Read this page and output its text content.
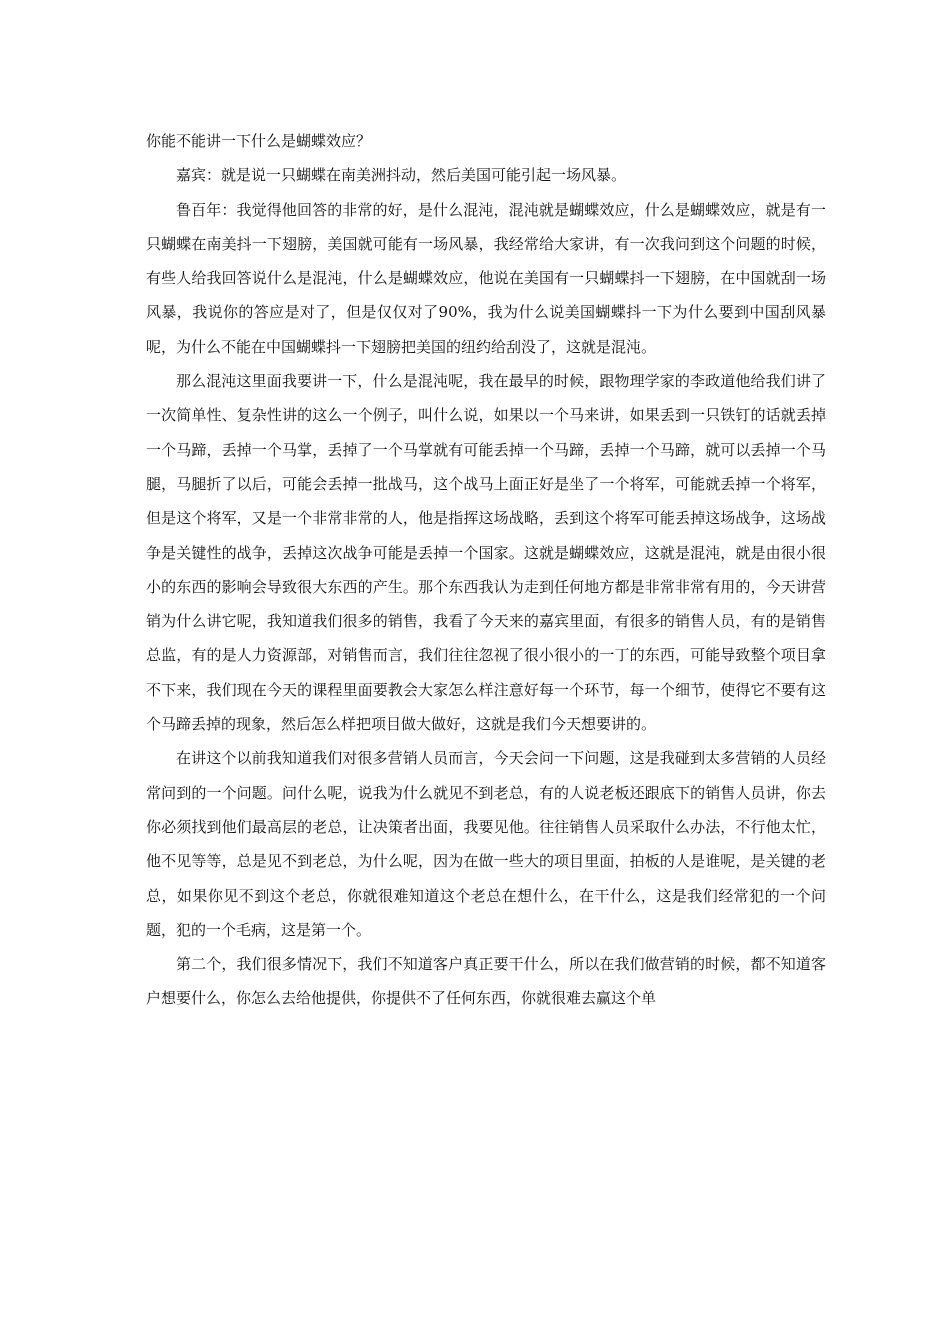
你能不能讲一下什么是蝴蝶效应？

嘉宾：就是说一只蝴蝶在南美洲抖动，然后美国可能引起一场风暴。

鲁百年：我觉得他回答的非常的好，是什么混沌，混沌就是蝴蝶效应，什么是蝴蝶效应，就是有一只蝴蝶在南美抖一下翅膀，美国就可能有一场风暴，我经常给大家讲，有一次我问到这个问题的时候，有些人给我回答说什么是混沌，什么是蝴蝶效应，他说在美国有一只蝴蝶抖一下翅膀，在中国就刮一场风暴，我说你的答应是对了，但是仅仅对了90%，我为什么说美国蝴蝶抖一下为什么要到中国刮风暴呢，为什么不能在中国蝴蝶抖一下翅膀把美国的纽约给刮没了，这就是混沌。

那么混沌这里面我要讲一下，什么是混沌呢，我在最早的时候，跟物理学家的李政道他给我们讲了一次简单性、复杂性讲的这么一个例子，叫什么说，如果以一个马来讲，如果丢到一只铁钉的话就丢掉一个马蹄，丢掉一个马掌，丢掉了一个马掌就有可能丢掉一个马蹄，丢掉一个马蹄，就可以丢掉一个马腿，马腿折了以后，可能会丢掉一批战马，这个战马上面正好是坐了一个将军，可能就丢掉一个将军，但是这个将军，又是一个非常非常的人，他是指挥这场战略，丢到这个将军可能丢掉这场战争，这场战争是关键性的战争，丢掉这次战争可能是丢掉一个国家。这就是蝴蝶效应，这就是混沌，就是由很小很小的东西的影响会导致很大东西的产生。那个东西我认为走到任何地方都是非常非常有用的，今天讲营销为什么讲它呢，我知道我们很多的销售，我看了今天来的嘉宾里面，有很多的销售人员，有的是销售总监，有的是人力资源部，对销售而言，我们往往忽视了很小很小的一丁的东西，可能导致整个项目拿不下来，我们现在今天的课程里面要教会大家怎么样注意好每一个环节，每一个细节，使得它不要有这个马蹄丢掉的现象，然后怎么样把项目做大做好，这就是我们今天想要讲的。

在讲这个以前我知道我们对很多营销人员而言，今天会问一下问题，这是我碰到太多营销的人员经常问到的一个问题。问什么呢，说我为什么就见不到老总，有的人说老板还跟底下的销售人员讲，你去你必须找到他们最高层的老总，让决策者出面，我要见他。往往销售人员采取什么办法，不行他太忙，他不见等等，总是见不到老总，为什么呢，因为在做一些大的项目里面，拍板的人是谁呢，是关键的老总，如果你见不到这个老总，你就很难知道这个老总在想什么，在干什么，这是我们经常犯的一个问题，犯的一个毛病，这是第一个。

第二个，我们很多情况下，我们不知道客户真正要干什么，所以在我们做营销的时候，都不知道客户想要什么，你怎么去给他提供，你提供不了任何东西，你就很难去赢这个单
